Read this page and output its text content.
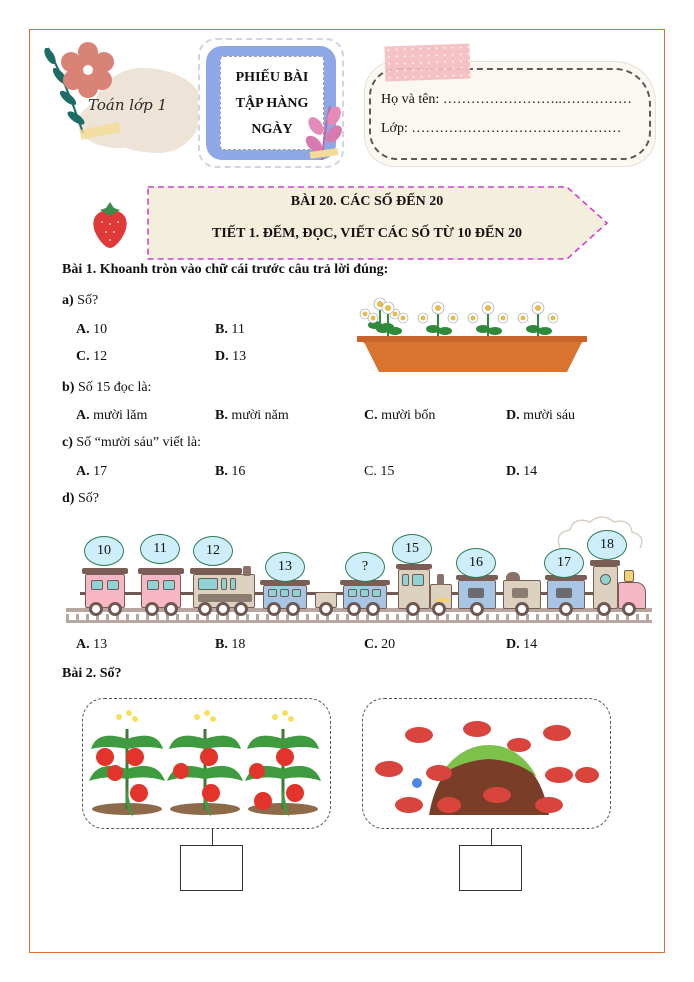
Toán lớp 1
PHIẾU BÀI
TẬP HÀNG
NGÀY
Họ và tên: ……………………..……………
Lớp: ………………………………………
BÀI 20. CÁC SỐ ĐẾN 20
TIẾT 1. ĐẾM, ĐỌC, VIẾT CÁC SỐ TỪ 10 ĐẾN 20
Bài 1. Khoanh tròn vào chữ cái trước câu trả lời đúng:
a) Số?
A. 10	B. 11
C. 12	D. 13
b) Số 15 đọc là:
A. mười lăm	B. mười năm	C. mười bốn	D. mười sáu
c) Số “mười sáu” viết là:
A. 17	B. 16	C. 15	D. 14
d) Số?
10	11	12
13	?
15
16	17
18
A. 13	B. 18	C. 20	D. 14
Bài 2. Số?
